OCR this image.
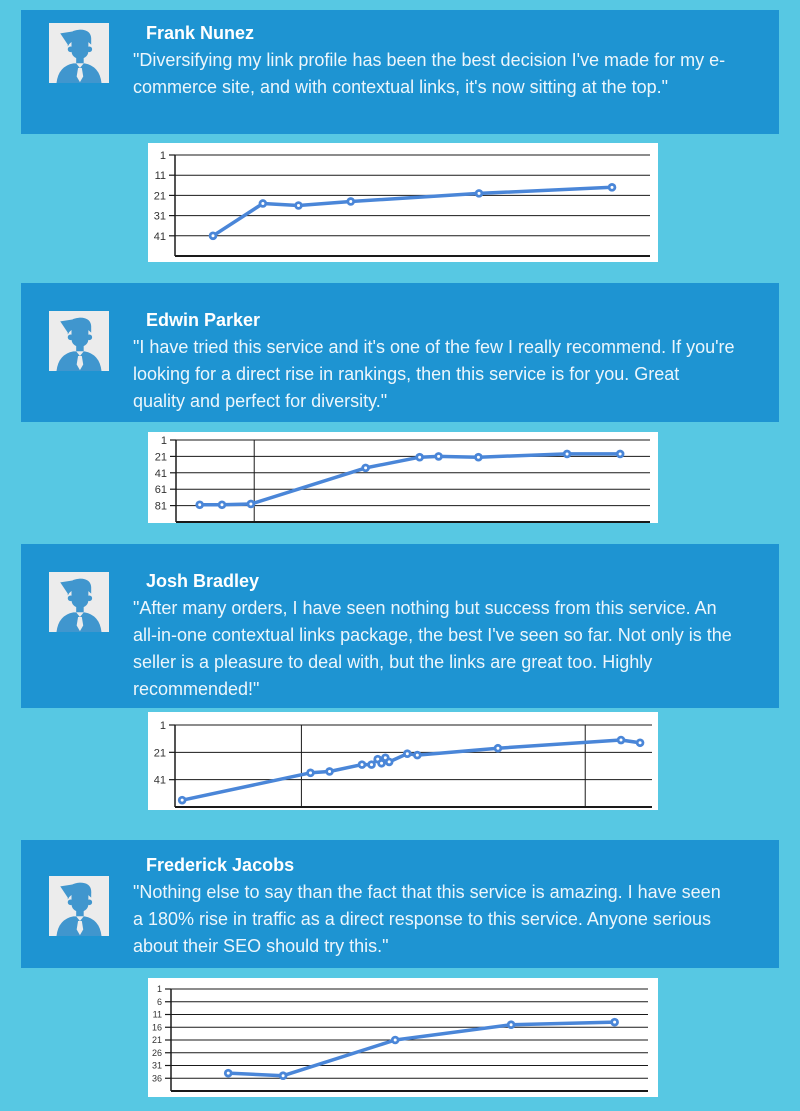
Frank Nunez
"Diversifying my link profile has been the best decision I've made for my e-commerce site, and with contextual links, it's now sitting at the top."
1
11
21
31
41
Edwin Parker
"I have tried this service and it's one of the few I really recommend. If you're looking for a direct rise in rankings, then this service is for you. Great quality and perfect for diversity."
1
21
41
61
81
Josh Bradley
"After many orders, I have seen nothing but success from this service. An all-in-one contextual links package, the best I've seen so far. Not only is the seller is a pleasure to deal with, but the links are great too. Highly recommended!"
1
21
41
Frederick Jacobs
"Nothing else to say than the fact that this service is amazing. I have seen a 180% rise in traffic as a direct response to this service. Anyone serious about their SEO should try this."
1
6
11
16
21
26
31
36
